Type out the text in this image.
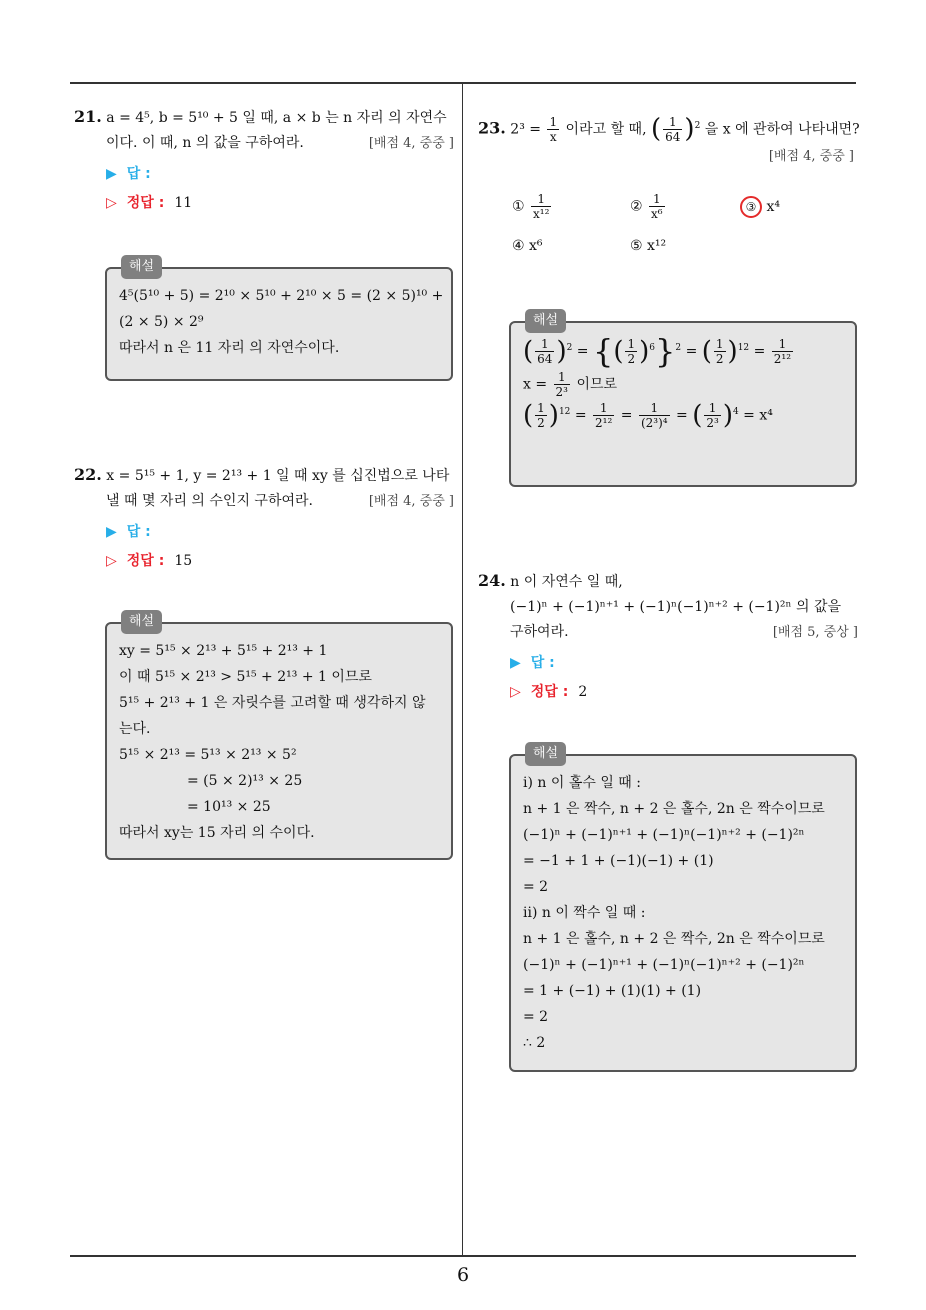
21. a = 4⁵, b = 5¹⁰ + 5 일 때, a × b 는 n 자리 의 자연수
이다. 이 때, n 의 값을 구하여라.	[배점 4, 중중 ]
▶ 답 :
▷ 정답 : 11
해설
4⁵(5¹⁰ + 5) = 2¹⁰ × 5¹⁰ + 2¹⁰ × 5 = (2 × 5)¹⁰ +
(2 × 5) × 2⁹
따라서 n 은 11 자리 의 자연수이다.
22. x = 5¹⁵ + 1, y = 2¹³ + 1 일 때 xy 를 십진법으로 나타
낼 때 몇 자리 의 수인지 구하여라.	[배점 4, 중중 ]
▶ 답 :
▷ 정답 : 15
해설
xy = 5¹⁵ × 2¹³ + 5¹⁵ + 2¹³ + 1
이 때 5¹⁵ × 2¹³ > 5¹⁵ + 2¹³ + 1 이므로
5¹⁵ + 2¹³ + 1 은 자릿수를 고려할 때 생각하지 않
는다.
5¹⁵ × 2¹³ = 5¹³ × 2¹³ × 5²
= (5 × 2)¹³ × 25
= 10¹³ × 25
따라서 xy는 15 자리 의 수이다.
23. $2^3 = \frac{1}{x}$ 이라고 할 때, ( $\frac{1}{64} )^2$ 을 x 에 관하여 나타내면?
[배점 4, 중중 ]
① $\frac{1}{\text{x¹²}}$	② $\frac{1}{\text{x⁶}}$	③ x⁴
④ x⁶	⑤ x¹²
해설
( $\frac{1}{64} )^2$ = {( $\frac{1}{2} )^6\}^2$ = ( $\frac{1}{2} )^{12} = \frac{1}{\text{2¹²}}$
$x = \frac{1}{\text{2³}}$ 이므로
( $\frac{1}{2} )^{12} = \frac{1}{\text{2¹²}} = \frac{1}{\text{(2³)⁴}}$ = ( $\frac{1}{\text{2³}} )^4 = x^4$
24. n 이 자연수 일 때,
(−1)ⁿ + (−1)ⁿ⁺¹ + (−1)ⁿ(−1)ⁿ⁺² + (−1)²ⁿ 의 값을
구하여라.	[배점 5, 중상 ]
▶ 답 :
▷ 정답 : 2
해설
i) n 이 홀수 일 때 :
n + 1 은 짝수, n + 2 은 홀수, 2n 은 짝수이므로
(−1)ⁿ + (−1)ⁿ⁺¹ + (−1)ⁿ(−1)ⁿ⁺² + (−1)²ⁿ
= −1 + 1 + (−1)(−1) + (1)
= 2
ii) n 이 짝수 일 때 :
n + 1 은 홀수, n + 2 은 짝수, 2n 은 짝수이므로
(−1)ⁿ + (−1)ⁿ⁺¹ + (−1)ⁿ(−1)ⁿ⁺² + (−1)²ⁿ
= 1 + (−1) + (1)(1) + (1)
= 2
∴ 2
6
